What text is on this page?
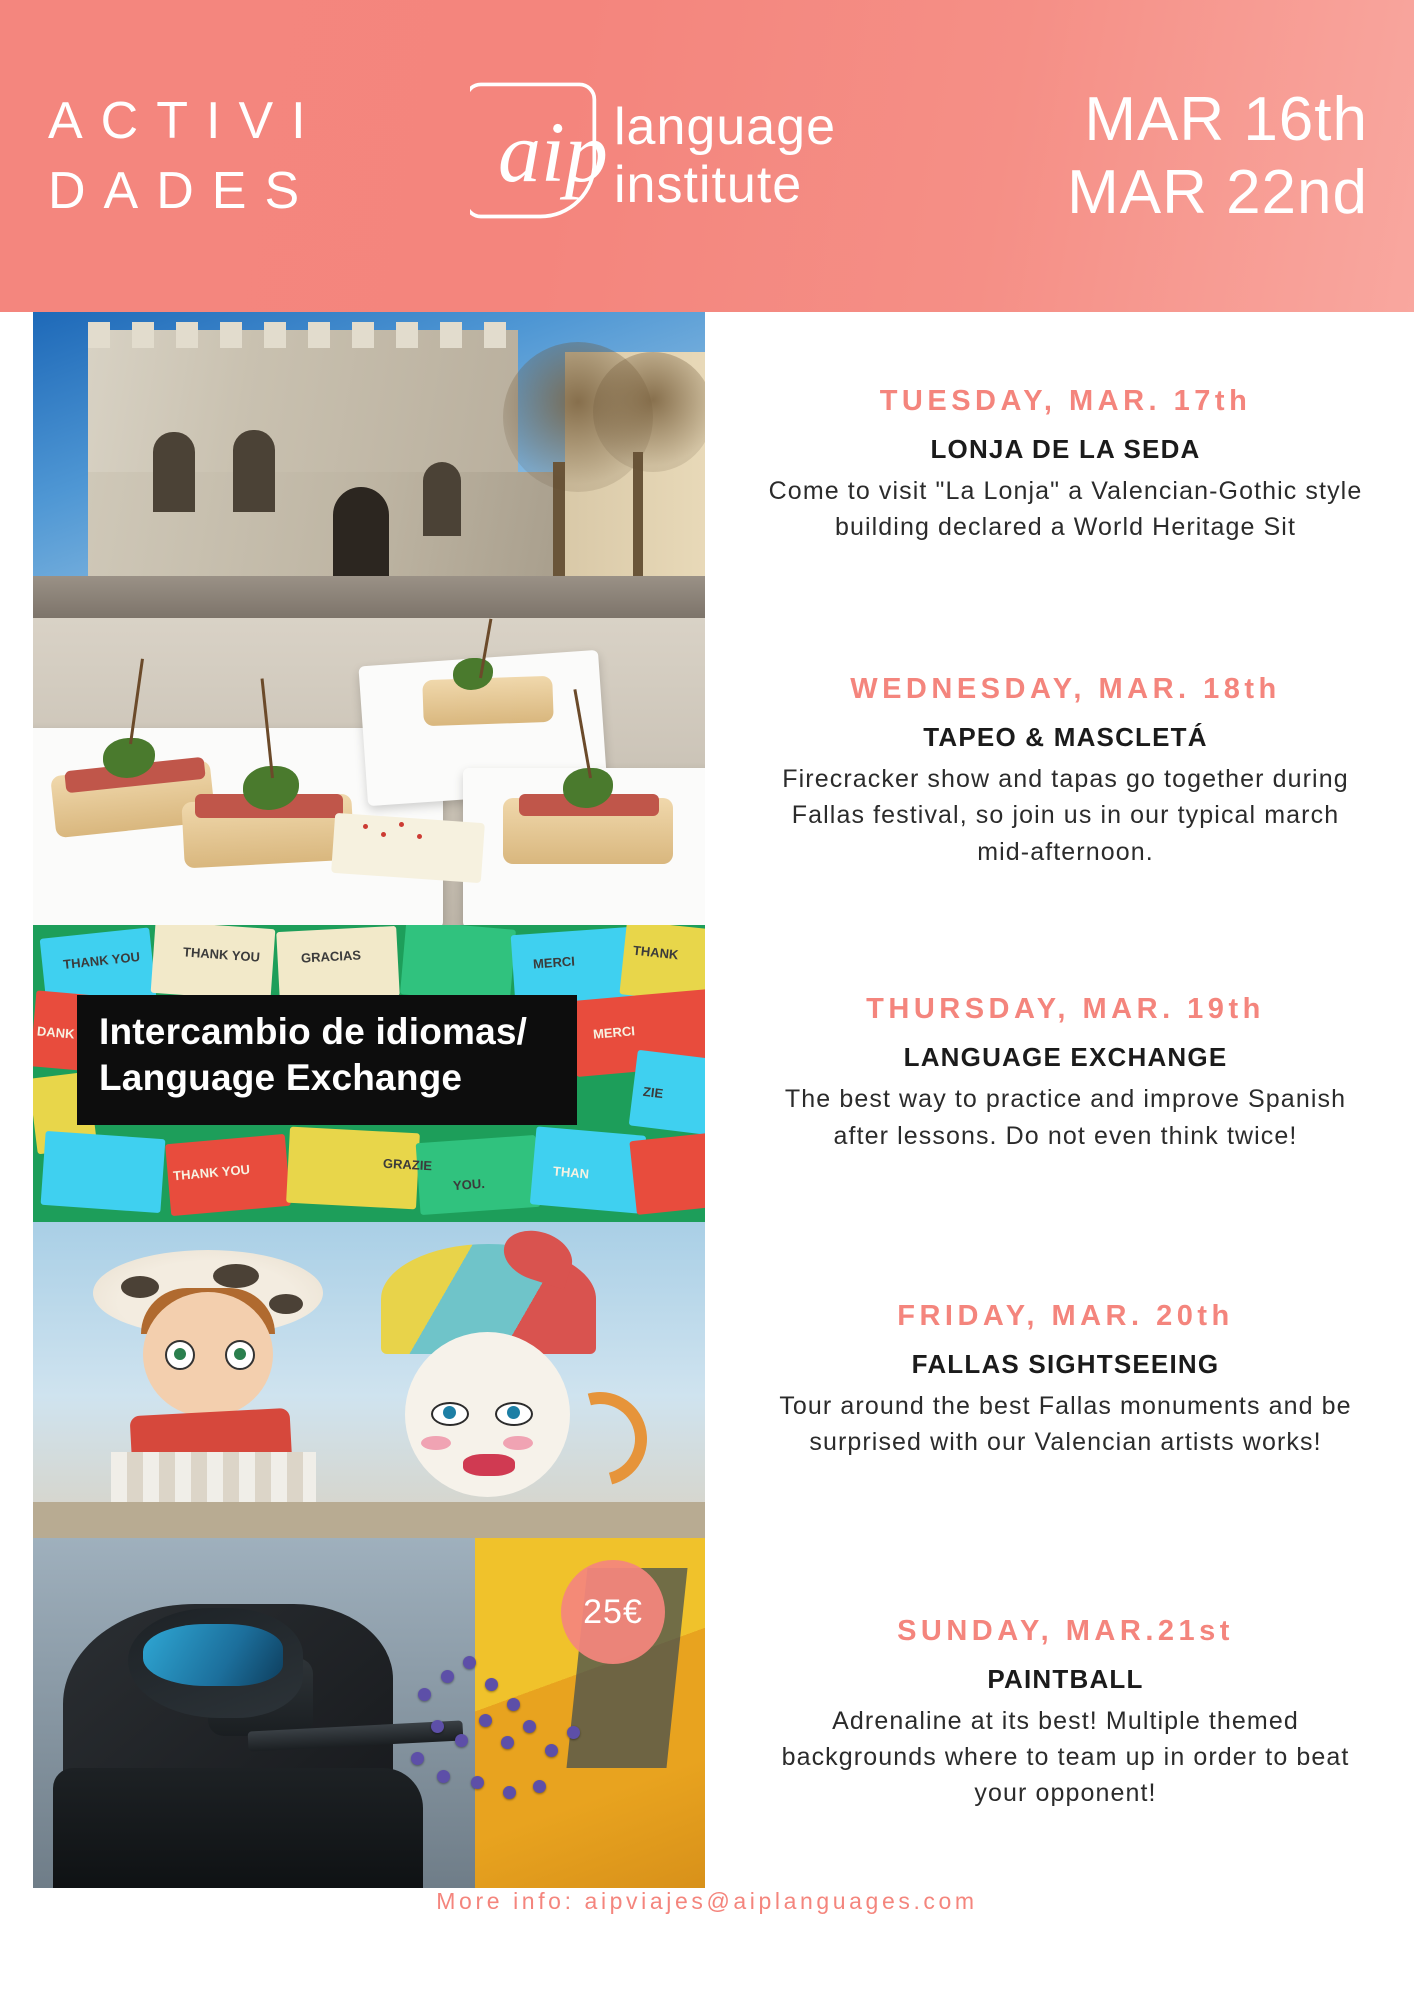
ACTIVI
DADES	aip language
institute
MAR 16th
MAR 22nd
TUESDAY, MAR. 17th
LONJA DE LA SEDA
Come to visit "La Lonja" a Valencian-Gothic style building declared a World Heritage Sit
WEDNESDAY, MAR. 18th
TAPEO & MASCLETÁ
Firecracker show and tapas go together during Fallas festival, so join us in our typical march mid-afternoon.
THANK YOU	THANK YOU	GRACIAS	MERCI
THANK
DANK	MERCI
ZIE
GRAZIE
THANK YOU	THAN
YOU.
Intercambio de idiomas/
Language Exchange
THURSDAY, MAR. 19th
LANGUAGE EXCHANGE
The best way to practice and improve Spanish after lessons. Do not even think twice!
FRIDAY, MAR. 20th
FALLAS SIGHTSEEING
Tour around the best Fallas monuments and be surprised with our Valencian artists works!
25€
SUNDAY, MAR.21st
PAINTBALL
Adrenaline at its best! Multiple themed backgrounds where to team up in order to beat your opponent!
More info: aipviajes@aiplanguages.com
